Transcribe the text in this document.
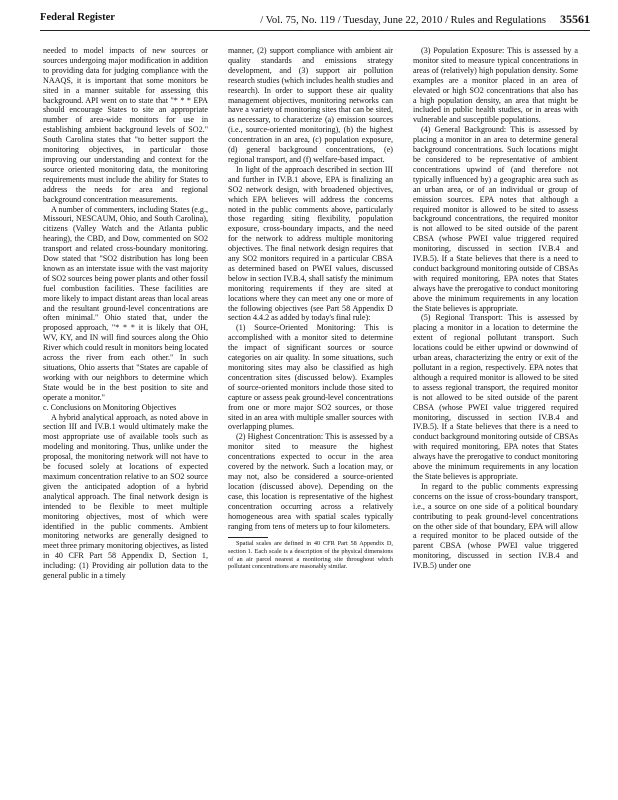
Federal Register	/ Vol. 75, No. 119 / Tuesday, June 22, 2010 / Rules and Regulations 35561

needed to model impacts of new sources or sources undergoing major modification in addition to providing data for judging compliance with the NAAQS, it is important that some monitors be sited in a manner suitable for assessing this background. API went on to state that "* * * EPA should encourage States to site an appropriate number of area-wide monitors for use in establishing ambient background levels of SO2." South Carolina states that "to better support the monitoring objectives, in particular those improving our understanding and context for the source oriented monitoring data, the monitoring requirements must include the ability for States to address the needs for area and regional background concentration measurements.

A number of commenters, including States (e.g., Missouri, NESCAUM, Ohio, and South Carolina), citizens (Valley Watch and the Atlanta public hearing), the CBD, and Dow, commented on SO2 transport and related cross-boundary monitoring. Dow stated that "SO2 distribution has long been known as an interstate issue with the vast majority of SO2 sources being power plants and other fossil fuel combustion facilities. These facilities are more likely to impact distant areas than local areas and the resultant ground-level concentrations are often minimal." Ohio stated that, under the proposed approach, "* * * it is likely that OH, WV, KY, and IN will find sources along the Ohio River which could result in monitors being located across the river from each other." In such situations, Ohio asserts that "States are capable of working with our neighbors to determine which State would be in the best position to site and operate a monitor."

c. Conclusions on Monitoring Objectives

A hybrid analytical approach, as noted above in section III and IV.B.1 would ultimately make the most appropriate use of available tools such as modeling and monitoring. Thus, unlike under the proposal, the monitoring network will not have to be focused solely at locations of expected maximum concentration relative to an SO2 source given the anticipated adoption of a hybrid analytical approach. The final network design is intended to be flexible to meet multiple monitoring objectives, most of which were identified in the public comments. Ambient monitoring networks are generally designed to meet three primary monitoring objectives, as listed in 40 CFR Part 58 Appendix D, Section 1, including: (1) Providing air pollution data to the general public in a timely

manner, (2) support compliance with ambient air quality standards and emissions strategy development, and (3) support air pollution research studies (which includes health studies and research). In order to support these air quality management objectives, monitoring networks can have a variety of monitoring sites that can be sited, as necessary, to characterize (a) emission sources (i.e., source-oriented monitoring), (b) the highest concentration in an area, (c) population exposure, (d) general background concentrations, (e) regional transport, and (f) welfare-based impact.

In light of the approach described in section III and further in IV.B.1 above, EPA is finalizing an SO2 network design, with broadened objectives, which EPA believes will address the concerns noted in the public comments above, particularly those regarding siting flexibility, population exposure, cross-boundary impacts, and the need for the network to address multiple monitoring objectives. The final network design requires that any SO2 monitors required in a particular CBSA as determined based on PWEI values, discussed below in section IV.B.4, shall satisfy the minimum monitoring requirements if they are sited at locations where they can meet any one or more of the following objectives (see Part 58 Appendix D section 4.4.2 as added by today's final rule):

(1) Source-Oriented Monitoring: This is accomplished with a monitor sited to determine the impact of significant sources or source categories on air quality. In some situations, such monitoring sites may also be classified as high concentration sites (discussed below). Examples of source-oriented monitors include those sited to capture or assess peak ground-level concentrations from one or more major SO2 sources, or those sited in an area with multiple smaller sources with overlapping plumes.

(2) Highest Concentration: This is assessed by a monitor sited to measure the highest concentrations expected to occur in the area covered by the network. Such a location may, or may not, also be considered a source-oriented location (discussed above). Depending on the case, this location is representative of the highest concentration occurring across a relatively homogeneous area with spatial scales typically ranging from tens of meters up to four kilometers.

Spatial scales are defined in 40 CFR Part 58 Appendix D, section 1. Each scale is a description of the physical dimensions of an air parcel nearest a monitoring site throughout which pollutant concentrations are reasonably similar.

(3) Population Exposure: This is assessed by a monitor sited to measure typical concentrations in areas of (relatively) high population density. Some examples are a monitor placed in an area of elevated or high SO2 concentrations that also has a high population density, an area that might be included in public health studies, or in areas with vulnerable and susceptible populations.

(4) General Background: This is assessed by placing a monitor in an area to determine general background concentrations. Such locations might be considered to be representative of ambient concentrations upwind of (and therefore not typically influenced by) a geographic area such as an urban area, or of an individual or group of emission sources. EPA notes that although a required monitor is allowed to be sited to assess background concentrations, the required monitor is not allowed to be sited outside of the parent CBSA (whose PWEI value triggered required monitoring, discussed in section IV.B.4 and IV.B.5). If a State believes that there is a need to conduct background monitoring outside of CBSAs with required monitoring, EPA notes that States always have the prerogative to conduct monitoring above the minimum requirements in any location the State believes is appropriate.

(5) Regional Transport: This is assessed by placing a monitor in a location to determine the extent of regional pollutant transport. Such locations could be either upwind or downwind of urban areas, characterizing the entry or exit of the pollutant in a region, respectively. EPA notes that although a required monitor is allowed to be sited to assess regional transport, the required monitor is not allowed to be sited outside of the parent CBSA (whose PWEI value triggered required monitoring, discussed in section IV.B.4 and IV.B.5). If a State believes that there is a need to conduct background monitoring outside of CBSAs with required monitoring, EPA notes that States always have the prerogative to conduct monitoring above the minimum requirements in any location the State believes is appropriate.

In regard to the public comments expressing concerns on the issue of cross-boundary transport, i.e., a source on one side of a political boundary contributing to peak ground-level concentrations on the other side of that boundary, EPA will allow a required monitor to be placed outside of the parent CBSA (whose PWEI value triggered monitoring, discussed in section IV.B.4 and IV.B.5) under one
